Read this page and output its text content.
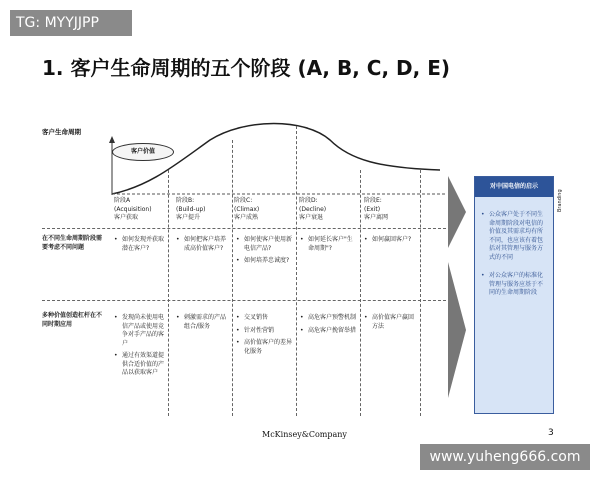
TG: MYYJJPP
1. 客户生命周期的五个阶段 (A, B, C, D, E)
客户生命周期
客户价值
阶段A
(Acquisition)
客户获取
阶段B:
(Build-up)
客户提升
阶段C:
(Climax)
客户成熟
阶段D:
(Decline)
客户衰退
阶段E:
(Exit)
客户离网
在不同生命周期阶段需要考虑不同问题
多种价值创造杠杆在不同时期应用
• 如何发现并获取潜在客户?
• 如何把客户培养成高价值客户?
• 如何使客户使用新电信产品?
• 如何培养忠诚度?
• 如何延长客户"生命周期"?
• 如何赢回客户?
• 发现尚未使用电信产品或使用竞争对手产品的客户
• 通过有效渠道提供合适价值的产品以获取客户
• 刺激需求的产品组合/服务
• 交叉销售
• 针对性营销
• 高价值客户的差异化服务
• 高危客户预警机制
• 高危客户挽留举措
• 高价值客户赢回方法
对中国电信的启示
• 公众客户处于不同生命周期阶段对电信的价值及其需求均有所不同，也应该有着包括对其管理与服务方式的不同
• 对公众客户的标准化管理与服务应基于不同的生命周期阶段
Branding
McKinsey&Company	3
www.yuheng666.com
